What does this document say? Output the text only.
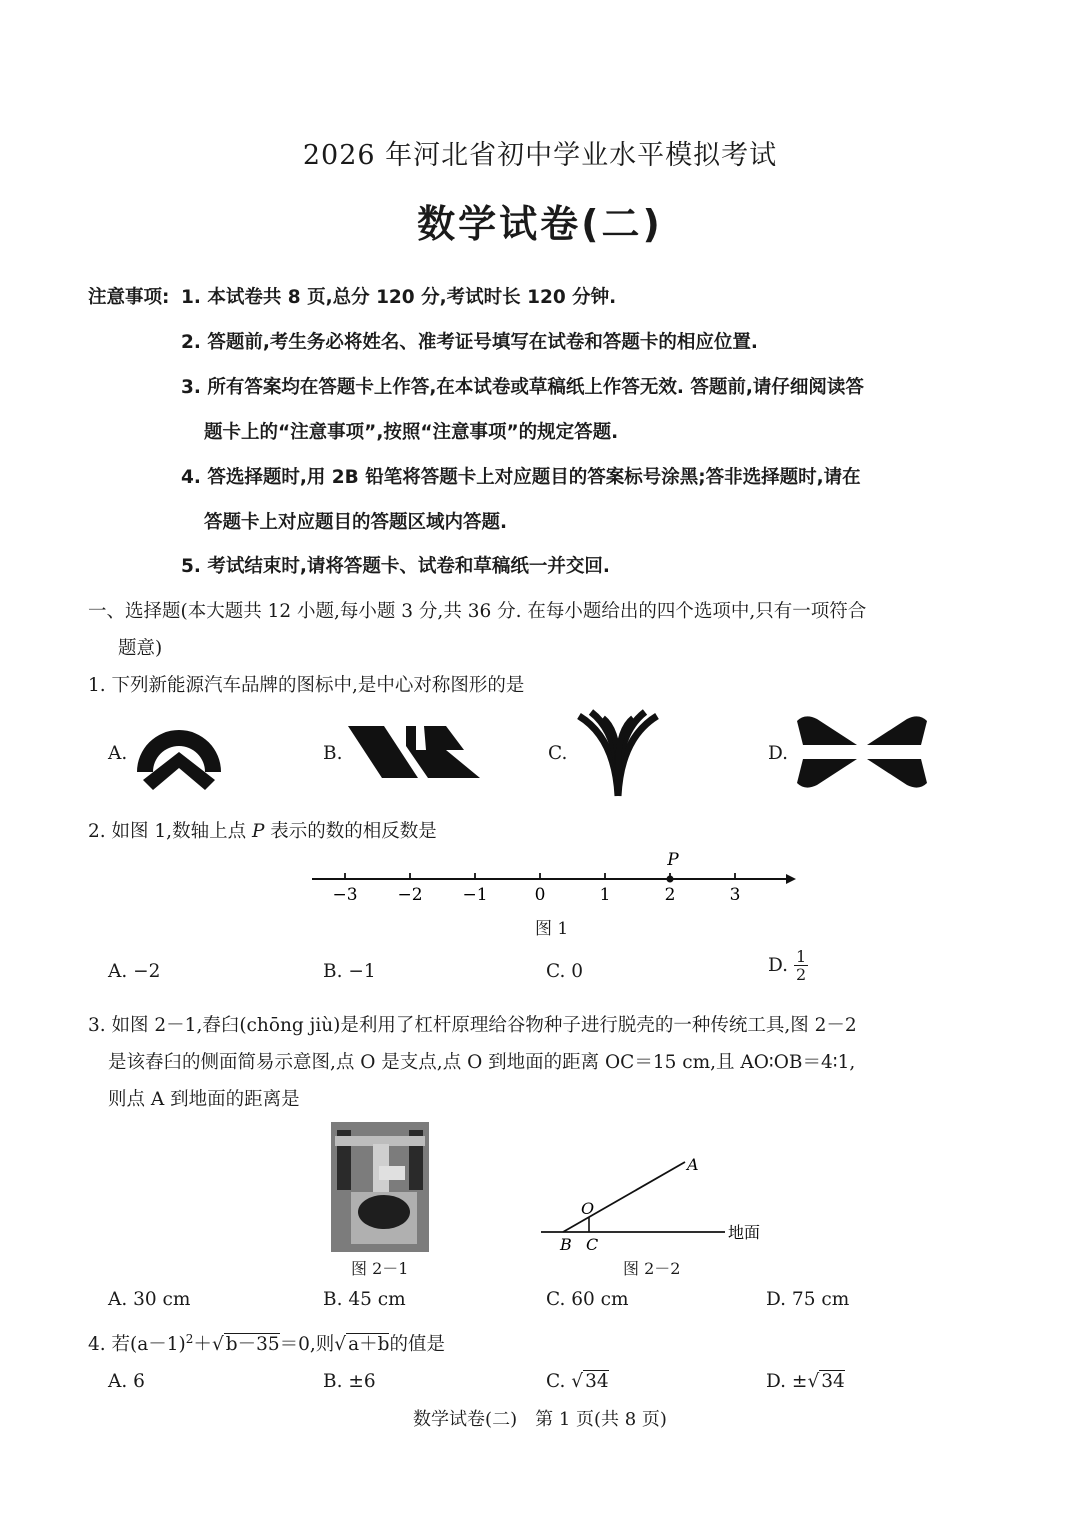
2026 年河北省初中学业水平模拟考试
数学试卷(二)
注意事项: 1. 本试卷共 8 页,总分 120 分,考试时长 120 分钟.
2. 答题前,考生务必将姓名、准考证号填写在试卷和答题卡的相应位置.
3. 所有答案均在答题卡上作答,在本试卷或草稿纸上作答无效. 答题前,请仔细阅读答
题卡上的“注意事项”,按照“注意事项”的规定答题.
4. 答选择题时,用 2B 铅笔将答题卡上对应题目的答案标号涂黑;答非选择题时,请在
答题卡上对应题目的答题区域内答题.
5. 考试结束时,请将答题卡、试卷和草稿纸一并交回.
一、选择题(本大题共 12 小题,每小题 3 分,共 36 分. 在每小题给出的四个选项中,只有一项符合
题意)
1. 下列新能源汽车品牌的图标中,是中心对称图形的是
A.	B.	C.	D.
2. 如图 1,数轴上点 P 表示的数的相反数是
−3 −2 −1	0	1	2	3
P
图 1
A. −2	B. −1	C. 0	D. $\frac{1}{2}$
3. 如图 2－1,舂臼(chōng jiù)是利用了杠杆原理给谷物种子进行脱壳的一种传统工具,图 2－2
是该舂臼的侧面简易示意图,点 O 是支点,点 O 到地面的距离 OC＝15 cm,且 AO∶OB＝4∶1,
则点 A 到地面的距离是
图 2－1
A
O
B C
地面
图 2－2
A. 30 cm	B. 45 cm	C. 60 cm	D. 75 cm
4. 若$(a-1)^2+√$ b－35＝0,则√ a＋b的值是
A. 6	B. ±6	C. √ 34	D. ±√ 34
数学试卷(二)　第 1 页(共 8 页)
